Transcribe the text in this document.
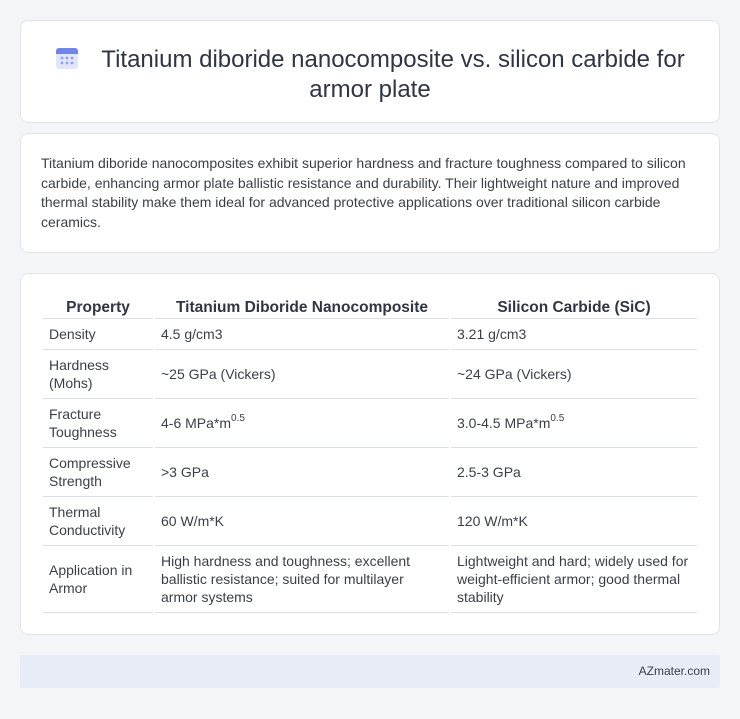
Titanium diboride nanocomposite vs. silicon carbide for armor plate

Titanium diboride nanocomposites exhibit superior hardness and fracture toughness compared to silicon carbide, enhancing armor plate ballistic resistance and durability. Their lightweight nature and improved thermal stability make them ideal for advanced protective applications over traditional silicon carbide ceramics.

Property	Titanium Diboride Nanocomposite	Silicon Carbide (SiC)
Density	4.5 g/cm3	3.21 g/cm3
Hardness (Mohs)	~25 GPa (Vickers)	~24 GPa (Vickers)
Fracture Toughness	4-6 $MPa*m^{0.5}$	3.0-4.5 $MPa*m^{0.5}$
Compressive Strength	>3 GPa	2.5-3 GPa
Thermal Conductivity	60 W/m*K	120 W/m*K
Application in Armor	High hardness and toughness; excellent ballistic resistance; suited for multilayer armor systems	Lightweight and hard; widely used for weight-efficient armor; good thermal stability
AZmater.com
